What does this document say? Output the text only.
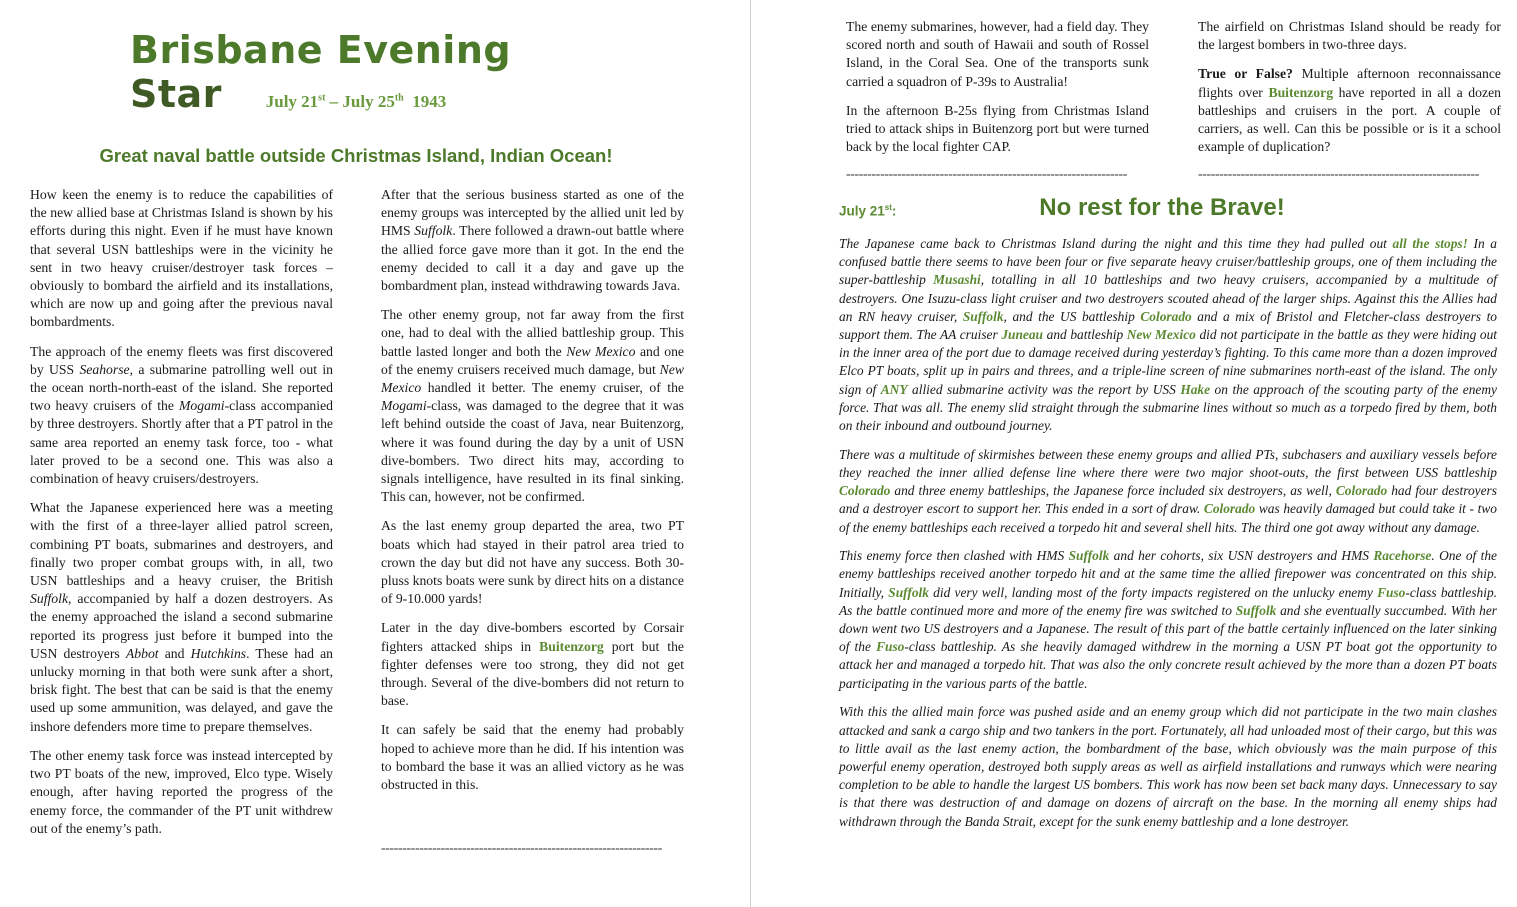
Brisbane Evening Star	July 21st – July 25th  1943
Great naval battle outside Christmas Island, Indian Ocean!

How keen the enemy is to reduce the capabilities of the new allied base at Christmas Island is shown by his efforts during this night. Even if he must have known that several USN battleships were in the vicinity he sent in two heavy cruiser/destroyer task forces – obviously to bombard the airfield and its installations, which are now up and going after the previous naval bombardments.

The approach of the enemy fleets was first discovered by USS Seahorse, a submarine patrolling well out in the ocean north-north-east of the island. She reported two heavy cruisers of the Mogami-class accompanied by three destroyers. Shortly after that a PT patrol in the same area reported an enemy task force, too - what later proved to be a second one. This was also a combination of heavy cruisers/destroyers.

What the Japanese experienced here was a meeting with the first of a three-layer allied patrol screen, combining PT boats, submarines and destroyers, and finally two proper combat groups with, in all, two USN battleships and a heavy cruiser, the British Suffolk, accompanied by half a dozen destroyers. As the enemy approached the island a second submarine reported its progress just before it bumped into the USN destroyers Abbot and Hutchkins. These had an unlucky morning in that both were sunk after a short, brisk fight. The best that can be said is that the enemy used up some ammunition, was delayed, and gave the inshore defenders more time to prepare themselves.

The other enemy task force was instead intercepted by two PT boats of the new, improved, Elco type. Wisely enough, after having reported the progress of the enemy force, the commander of the PT unit withdrew out of the enemy’s path.

After that the serious business started as one of the enemy groups was intercepted by the allied unit led by HMS Suffolk. There followed a drawn-out battle where the allied force gave more than it got. In the end the enemy decided to call it a day and gave up the bombardment plan, instead withdrawing towards Java.

The other enemy group, not far away from the first one, had to deal with the allied battleship group. This battle lasted longer and both the New Mexico and one of the enemy cruisers received much damage, but New Mexico handled it better. The enemy cruiser, of the Mogami-class, was damaged to the degree that it was left behind outside the coast of Java, near Buitenzorg, where it was found during the day by a unit of USN dive-bombers. Two direct hits may, according to signals intelligence, have resulted in its final sinking. This can, however, not be confirmed.

As the last enemy group departed the area, two PT boats which had stayed in their patrol area tried to crown the day but did not have any success. Both 30-pluss knots boats were sunk by direct hits on a distance of 9-10.000 yards!

Later in the day dive-bombers escorted by Corsair fighters attacked ships in Buitenzorg port but the fighter defenses were too strong, they did not get through. Several of the dive-bombers did not return to base.

It can safely be said that the enemy had probably hoped to achieve more than he did. If his intention was to bombard the base it was an allied victory as he was obstructed in this.

------------------------------------------------------------------

The enemy submarines, however, had a field day. They scored north and south of Hawaii and south of Rossel Island, in the Coral Sea. One of the transports sunk carried a squadron of P-39s to Australia!

In the afternoon B-25s flying from Christmas Island tried to attack ships in Buitenzorg port but were turned back by the local fighter CAP.

------------------------------------------------------------------

The airfield on Christmas Island should be ready for the largest bombers in two-three days.

True or False? Multiple afternoon reconnaissance flights over Buitenzorg have reported in all a dozen battleships and cruisers in the port. A couple of carriers, as well. Can this be possible or is it a school example of duplication?

------------------------------------------------------------------
July 21st:	No rest for the Brave!

The Japanese came back to Christmas Island during the night and this time they had pulled out all the stops! In a confused battle there seems to have been four or five separate heavy cruiser/battleship groups, one of them including the super-battleship Musashi, totalling in all 10 battleships and two heavy cruisers, accompanied by a multitude of destroyers. One Isuzu-class light cruiser and two destroyers scouted ahead of the larger ships. Against this the Allies had an RN heavy cruiser, Suffolk, and the US battleship Colorado and a mix of Bristol and Fletcher-class destroyers to support them. The AA cruiser Juneau and battleship New Mexico did not participate in the battle as they were hiding out in the inner area of the port due to damage received during yesterday’s fighting. To this came more than a dozen improved Elco PT boats, split up in pairs and threes, and a triple-line screen of nine submarines north-east of the island. The only sign of ANY allied submarine activity was the report by USS Hake on the approach of the scouting party of the enemy force. That was all. The enemy slid straight through the submarine lines without so much as a torpedo fired by them, both on their inbound and outbound journey.

There was a multitude of skirmishes between these enemy groups and allied PTs, subchasers and auxiliary vessels before they reached the inner allied defense line where there were two major shoot-outs, the first between USS battleship Colorado and three enemy battleships, the Japanese force included six destroyers, as well, Colorado had four destroyers and a destroyer escort to support her. This ended in a sort of draw. Colorado was heavily damaged but could take it - two of the enemy battleships each received a torpedo hit and several shell hits. The third one got away without any damage.

This enemy force then clashed with HMS Suffolk and her cohorts, six USN destroyers and HMS Racehorse. One of the enemy battleships received another torpedo hit and at the same time the allied firepower was concentrated on this ship. Initially, Suffolk did very well, landing most of the forty impacts registered on the unlucky enemy Fuso-class battleship. As the battle continued more and more of the enemy fire was switched to Suffolk and she eventually succumbed. With her down went two US destroyers and a Japanese. The result of this part of the battle certainly influenced on the later sinking of the Fuso-class battleship. As she heavily damaged withdrew in the morning a USN PT boat got the opportunity to attack her and managed a torpedo hit. That was also the only concrete result achieved by the more than a dozen PT boats participating in the various parts of the battle.

With this the allied main force was pushed aside and an enemy group which did not participate in the two main clashes attacked and sank a cargo ship and two tankers in the port. Fortunately, all had unloaded most of their cargo, but this was to little avail as the last enemy action, the bombardment of the base, which obviously was the main purpose of this powerful enemy operation, destroyed both supply areas as well as airfield installations and runways which were nearing completion to be able to handle the largest US bombers. This work has now been set back many days. Unnecessary to say is that there was destruction of and damage on dozens of aircraft on the base. In the morning all enemy ships had withdrawn through the Banda Strait, except for the sunk enemy battleship and a lone destroyer.
